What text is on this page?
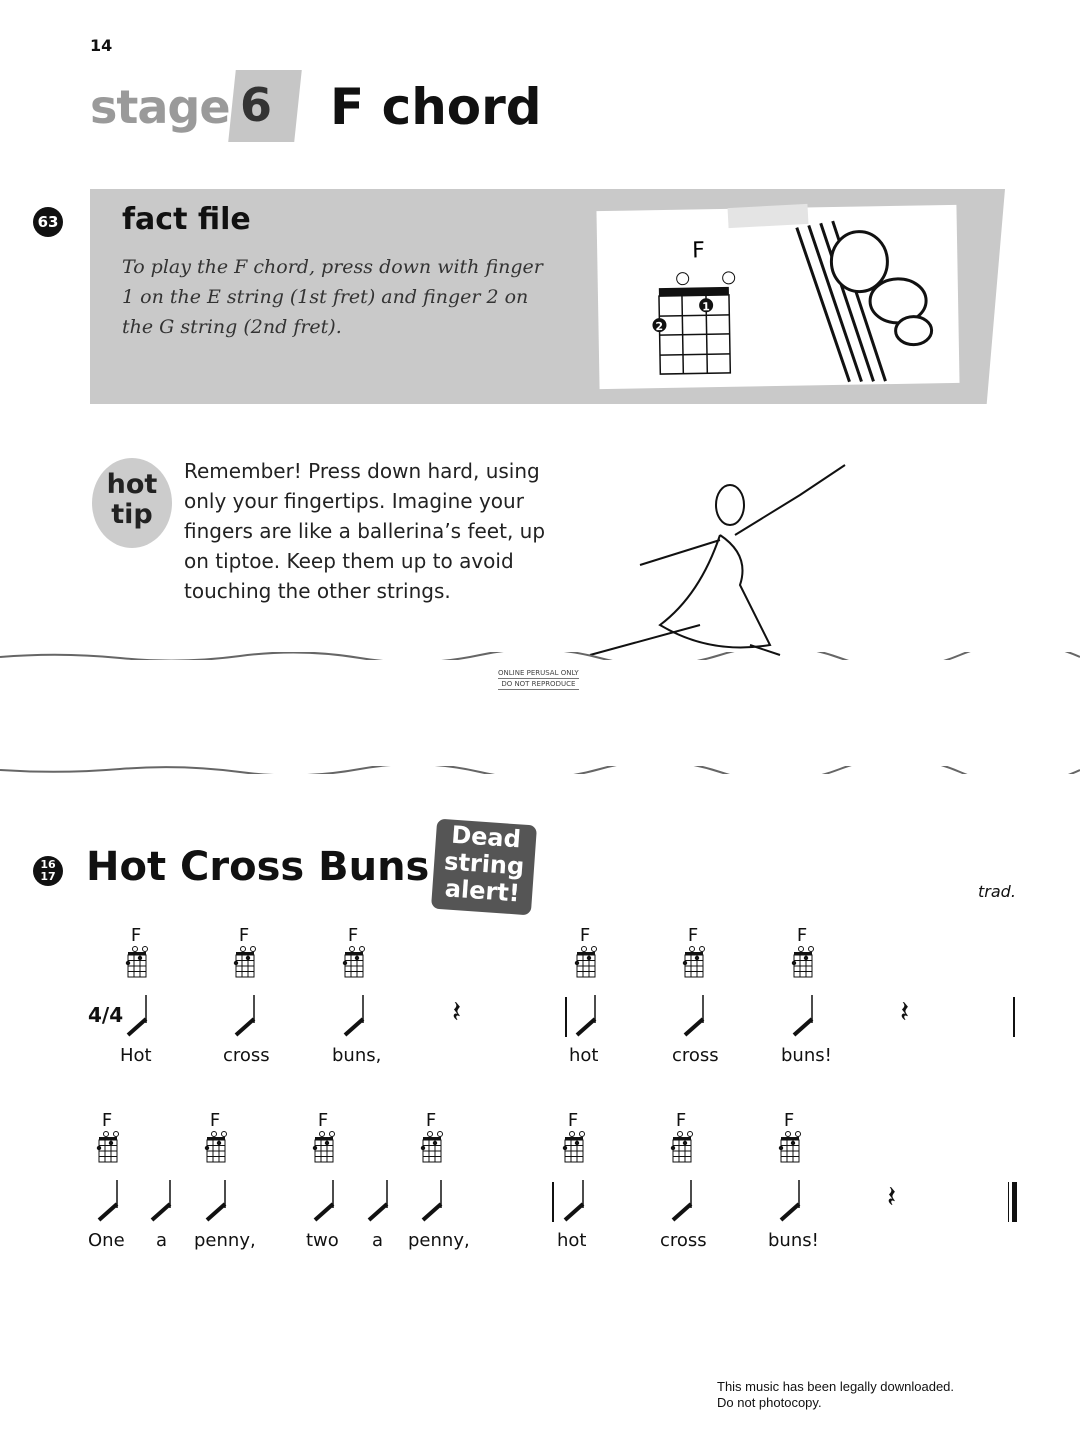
14
stage 6 F chord
63 fact file
To play the F chord, press down with finger 1 on the E string (1st fret) and finger 2 on the G string (2nd fret).
F
1
2
hot
tip
Remember! Press down hard, using only your fingertips. Imagine your fingers are like a ballerina’s feet, up on tiptoe. Keep them up to avoid touching the other strings.
ONLINE PERUSAL ONLY
DO NOT REPRODUCE
16
17 Hot Cross Buns
Dead
string
alert!	trad.
4/4
This music has been legally downloaded.
Do not photocopy.
F
Hot
F
cross
F
buns,
𝄽
F
hot
F
cross
F
buns!
𝄽
F
One a
F
penny,
F
two a
F
penny,
F
hot
F
cross
F
buns!
𝄽
